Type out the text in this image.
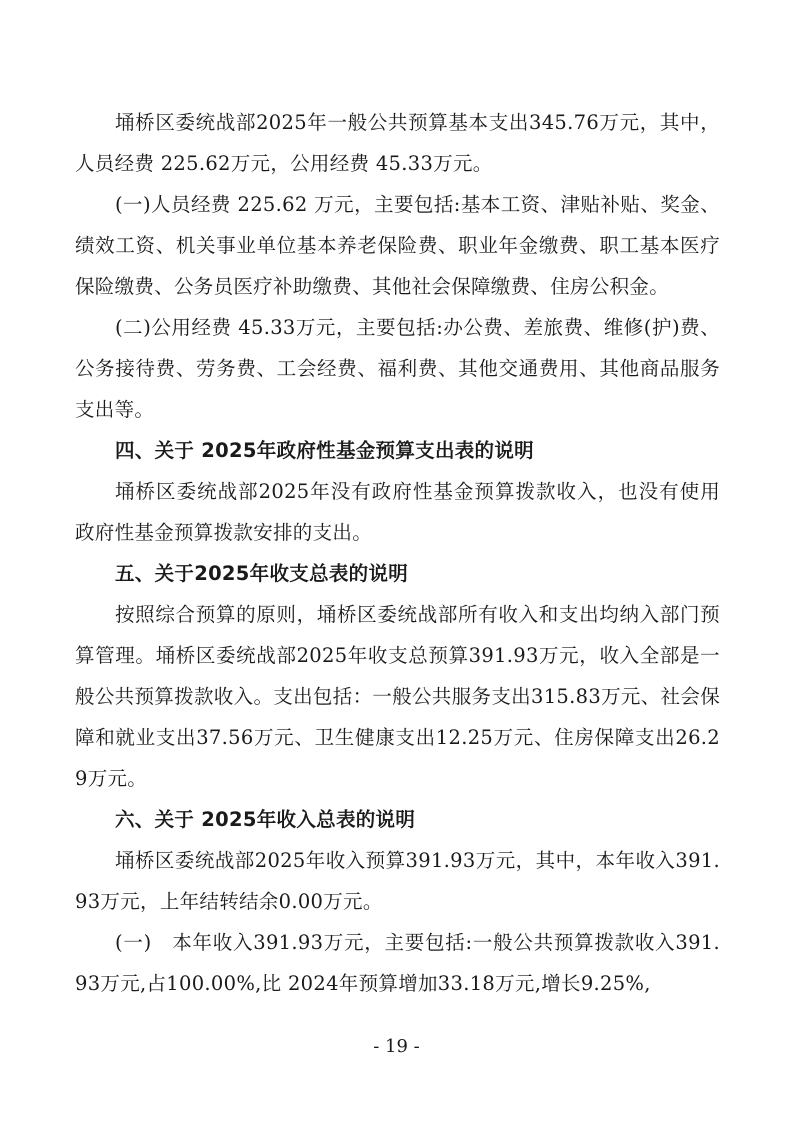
埇桥区委统战部2025年一般公共预算基本支出345.76万元，其中，人员经费 225.62万元，公用经费 45.33万元。

(一)人员经费 225.62 万元，主要包括:基本工资、津贴补贴、奖金、绩效工资、机关事业单位基本养老保险费、职业年金缴费、职工基本医疗保险缴费、公务员医疗补助缴费、其他社会保障缴费、住房公积金。

(二)公用经费 45.33万元，主要包括:办公费、差旅费、维修(护)费、公务接待费、劳务费、工会经费、福利费、其他交通费用、其他商品服务支出等。

四、关于 2025年政府性基金预算支出表的说明

埇桥区委统战部2025年没有政府性基金预算拨款收入，也没有使用政府性基金预算拨款安排的支出。

五、关于2025年收支总表的说明

按照综合预算的原则，埇桥区委统战部所有收入和支出均纳入部门预算管理。埇桥区委统战部2025年收支总预算391.93万元，收入全部是一般公共预算拨款收入。支出包括：一般公共服务支出315.83万元、社会保障和就业支出37.56万元、卫生健康支出12.25万元、住房保障支出26.29万元。

六、关于 2025年收入总表的说明

埇桥区委统战部2025年收入预算391.93万元，其中，本年收入391.93万元，上年结转结余0.00万元。

(一)　本年收入391.93万元，主要包括:一般公共预算拨款收入391.93万元,占100.00%,比 2024年预算增加33.18万元,增长9.25%,

- 19 -
